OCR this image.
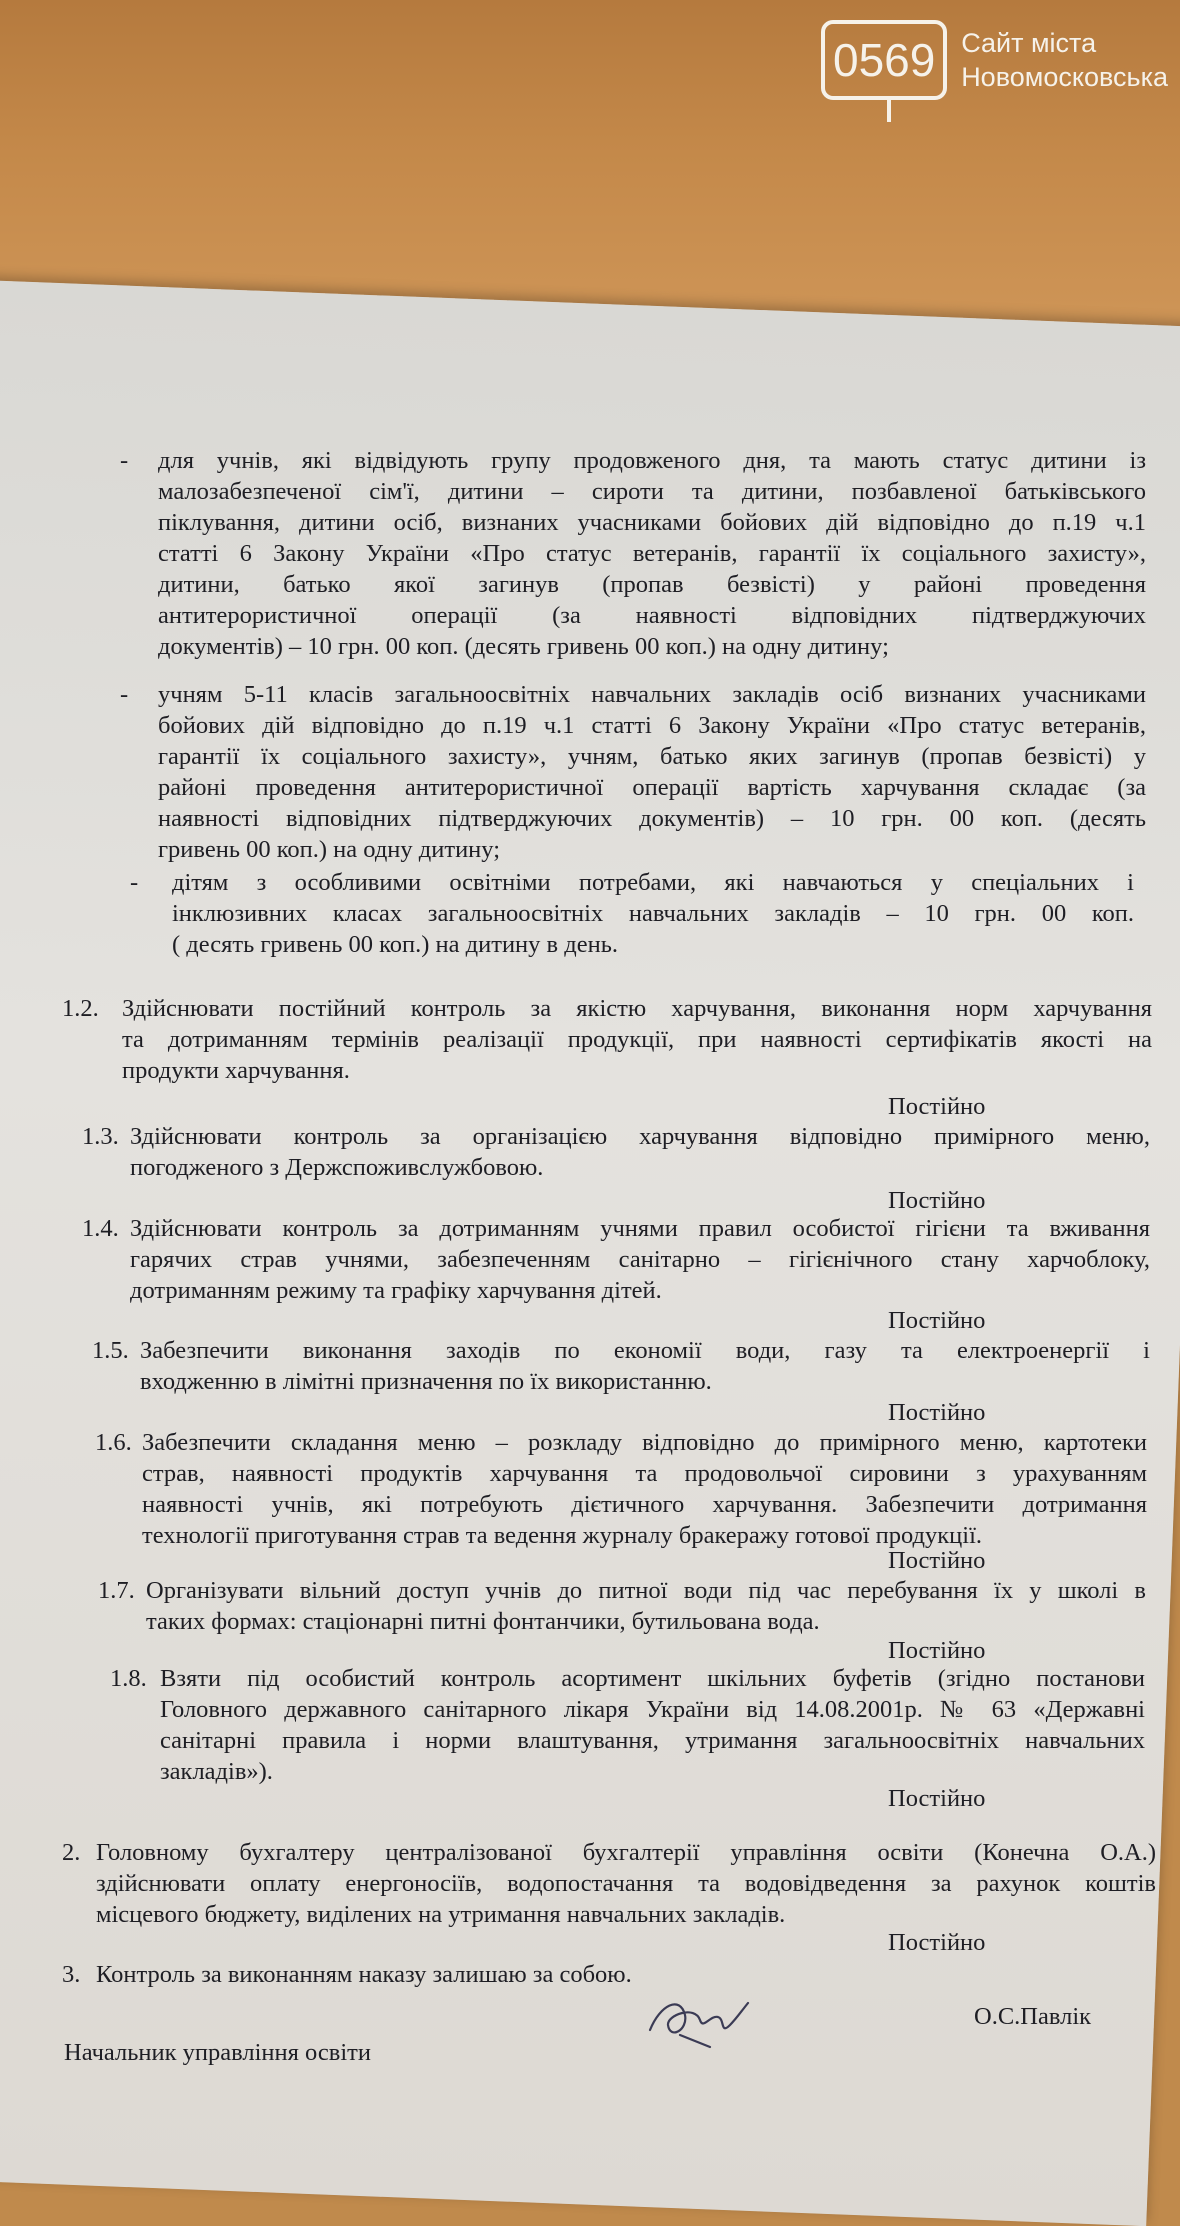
0569 Сайт міста
Новомосковська
- для учнів, які відвідують групу продовженого дня, та мають статус дитини із
малозабезпеченої сім'ї, дитини – сироти та дитини, позбавленої батьківського
піклування, дитини осіб, визнаних учасниками бойових дій відповідно до п.19 ч.1
статті 6 Закону України «Про статус ветеранів, гарантії їх соціального захисту»,
дитини, батько якої загинув (пропав безвісті) у районі проведення
антитерористичної операції (за наявності відповідних підтверджуючих
документів) – 10 грн. 00 коп. (десять гривень 00 коп.) на одну дитину;
- учням 5-11 класів загальноосвітніх навчальних закладів осіб визнаних учасниками
бойових дій відповідно до п.19 ч.1 статті 6 Закону України «Про статус ветеранів,
гарантії їх соціального захисту», учням, батько яких загинув (пропав безвісті) у
районі проведення антитерористичної операції вартість харчування складає (за
наявності відповідних підтверджуючих документів) – 10 грн. 00 коп. (десять
гривень 00 коп.) на одну дитину;
- дітям з особливими освітніми потребами, які навчаються у спеціальних і
інклюзивних класах загальноосвітніх навчальних закладів – 10 грн. 00 коп.
( десять гривень 00 коп.) на дитину в день.
1.2. Здійснювати постійний контроль за якістю харчування, виконання норм харчування
та дотриманням термінів реалізації продукції, при наявності сертифікатів якості на
продукти харчування.
Постійно
1.3. Здійснювати контроль за організацією харчування відповідно примірного меню,
погодженого з Держспоживслужбовою.
Постійно
1.4. Здійснювати контроль за дотриманням учнями правил особистої гігієни та вживання
гарячих страв учнями, забезпеченням санітарно – гігієнічного стану харчоблоку,
дотриманням режиму та графіку харчування дітей.
Постійно
1.5. Забезпечити виконання заходів по економії води, газу та електроенергії і
входженню в лімітні призначення по їх використанню.
Постійно
1.6. Забезпечити складання меню – розкладу відповідно до примірного меню, картотеки
страв, наявності продуктів харчування та продовольчої сировини з урахуванням
наявності учнів, які потребують дієтичного харчування. Забезпечити дотримання
технології приготування страв та ведення журналу бракеражу готової продукції.
Постійно
1.7. Організувати вільний доступ учнів до питної води під час перебування їх у школі в
таких формах: стаціонарні питні фонтанчики, бутильована вода.
Постійно
1.8. Взяти під особистий контроль асортимент шкільних буфетів (згідно постанови
Головного державного санітарного лікаря України від 14.08.2001р. № 63 «Державні
санітарні правила і норми влаштування, утримання загальноосвітніх навчальних
закладів»).
Постійно
2. Головному бухгалтеру централізованої бухгалтерії управління освіти (Конечна О.А.)
здійснювати оплату енергоносіїв, водопостачання та водовідведення за рахунок коштів
місцевого бюджету, виділених на утримання навчальних закладів.
Постійно
3. Контроль за виконанням наказу залишаю за собою.
Начальник управління освіти
О.С.Павлік
